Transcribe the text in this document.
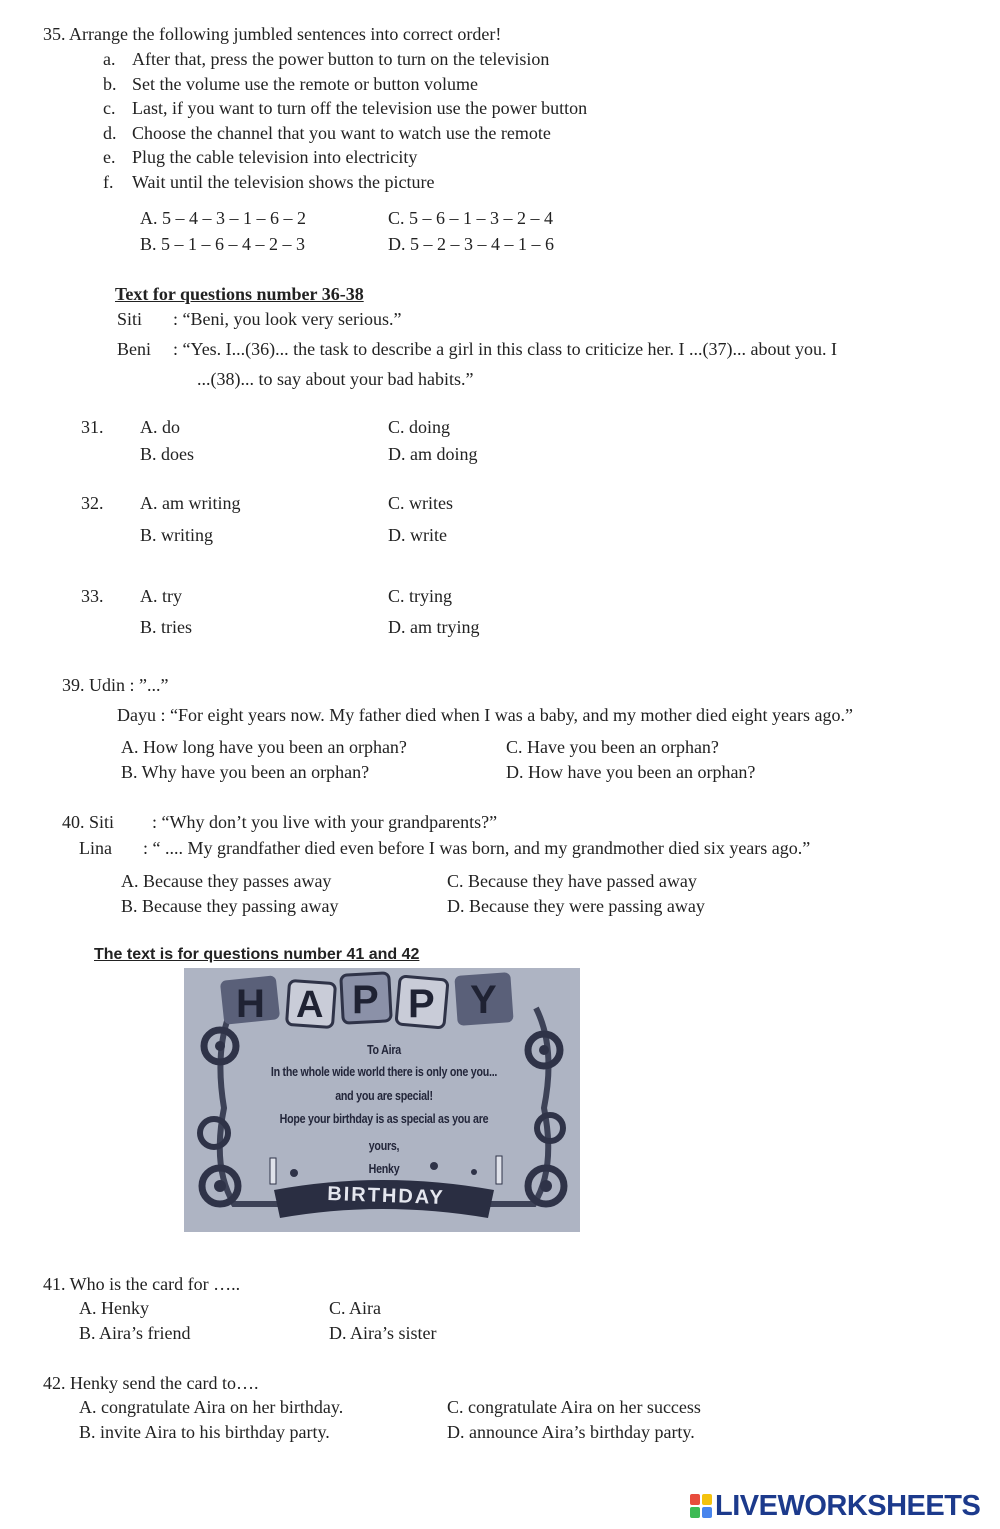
35. Arrange the following jumbled sentences into correct order!
a. After that, press the power button to turn on the television
b. Set the volume use the remote or button volume
c. Last, if you want to turn off the television use the power button
d. Choose the channel that you want to watch use the remote
e. Plug the cable television into electricity
f. Wait until the television shows the picture
A. 5 – 4 – 3 – 1 – 6 – 2	C. 5 – 6 – 1 – 3 – 2 – 4
B. 5 – 1 – 6 – 4 – 2 – 3	D. 5 – 2 – 3 – 4 – 1 – 6
Text for questions number 36-38
Siti : “Beni, you look very serious.”
Beni : “Yes. I...(36)... the task to describe a girl in this class to criticize her. I ...(37)... about you. I
...(38)... to say about your bad habits.”
31. A. do	C. doing
B. does	D. am doing
32. A. am writing	C. writes
B. writing	D. write
33. A. try	C. trying
B. tries	D. am trying
39. Udin : ”...”
Dayu : “For eight years now. My father died when I was a baby, and my mother died eight years ago.”
A. How long have you been an orphan?	C. Have you been an orphan?
B. Why have you been an orphan?	D. How have you been an orphan?
40. Siti : “Why don’t you live with your grandparents?”
Lina : “ .... My grandfather died even before I was born, and my grandmother died six years ago.”
A. Because they passes away	C. Because they have passed away
B. Because they passing away	D. Because they were passing away
The text is for questions number 41 and 42
H A P P Y
To Aira
In the whole wide world there is only one you...
and you are special!
Hope your birthday is as special as you are
yours,
Henky
BIRTHDAY
41. Who is the card for …..
A. Henky	C. Aira
B. Aira’s friend	D. Aira’s sister
42. Henky send the card to….
A. congratulate Aira on her birthday.	C. congratulate Aira on her success
B. invite Aira to his birthday party.	D. announce Aira’s birthday party.
LIVEWORKSHEETS
